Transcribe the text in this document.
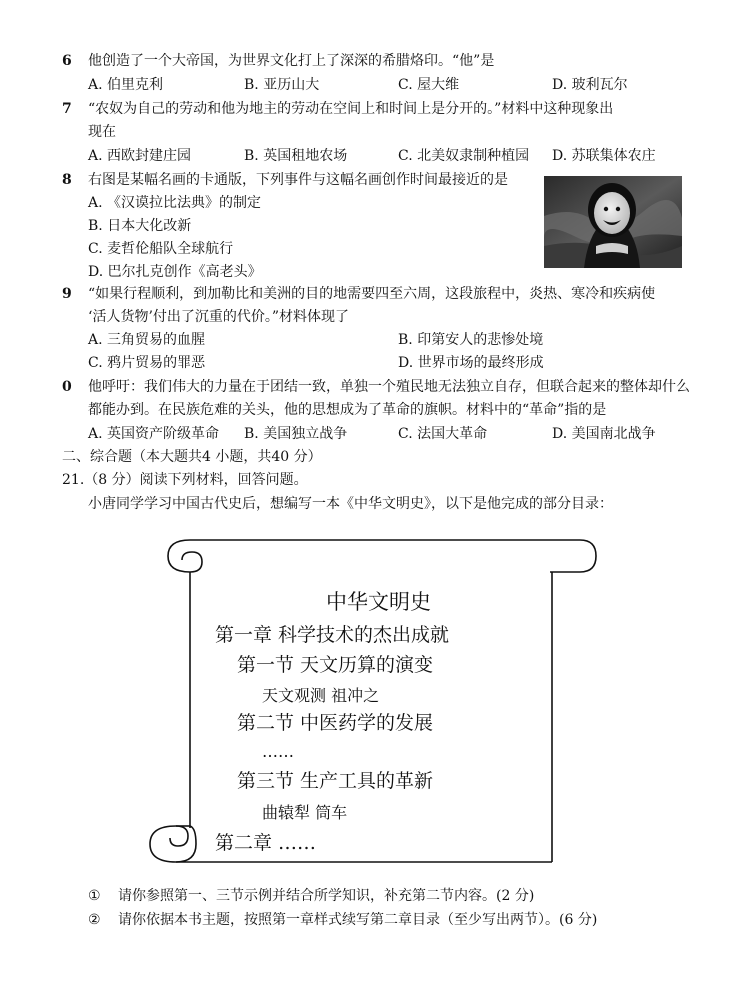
6 他创造了一个大帝国，为世界文化打上了深深的希腊烙印。“他”是
A. 伯里克利	B. 亚历山大	C. 屋大维	D. 玻利瓦尔
7 “农奴为自己的劳动和他为地主的劳动在空间上和时间上是分开的。”材料中这种现象出
现在
A. 西欧封建庄园	B. 英国租地农场	C. 北美奴隶制种植园 D. 苏联集体农庄
8 右图是某幅名画的卡通版，下列事件与这幅名画创作时间最接近的是
A. 《汉谟拉比法典》的制定
B. 日本大化改新
C. 麦哲伦船队全球航行
D. 巴尔扎克创作《高老头》
9 “如果行程顺利，到加勒比和美洲的目的地需要四至六周，这段旅程中，炎热、寒冷和疾病使
‘活人货物’付出了沉重的代价。”材料体现了
A. 三角贸易的血腥	B. 印第安人的悲惨处境
C. 鸦片贸易的罪恶	D. 世界市场的最终形成
0 他呼吁：我们伟大的力量在于团结一致，单独一个殖民地无法独立自存，但联合起来的整体却什么
都能办到。在民族危难的关头，他的思想成为了革命的旗帜。材料中的“革命”指的是
A. 英国资产阶级革命 B. 美国独立战争	C. 法国大革命	D. 美国南北战争
二、综合题（本大题共4 小题，共40 分）
21.（8 分）阅读下列材料，回答问题。
小唐同学学习中国古代史后，想编写一本《中华文明史》，以下是他完成的部分目录：
中华文明史
第一章 科学技术的杰出成就
第一节 天文历算的演变
天文观测 祖冲之
第二节 中医药学的发展
……
第三节 生产工具的革新
曲辕犁 筒车
第二章 ……
① 请你参照第一、三节示例并结合所学知识，补充第二节内容。(2 分)
② 请你依据本书主题，按照第一章样式续写第二章目录（至少写出两节）。(6 分)
